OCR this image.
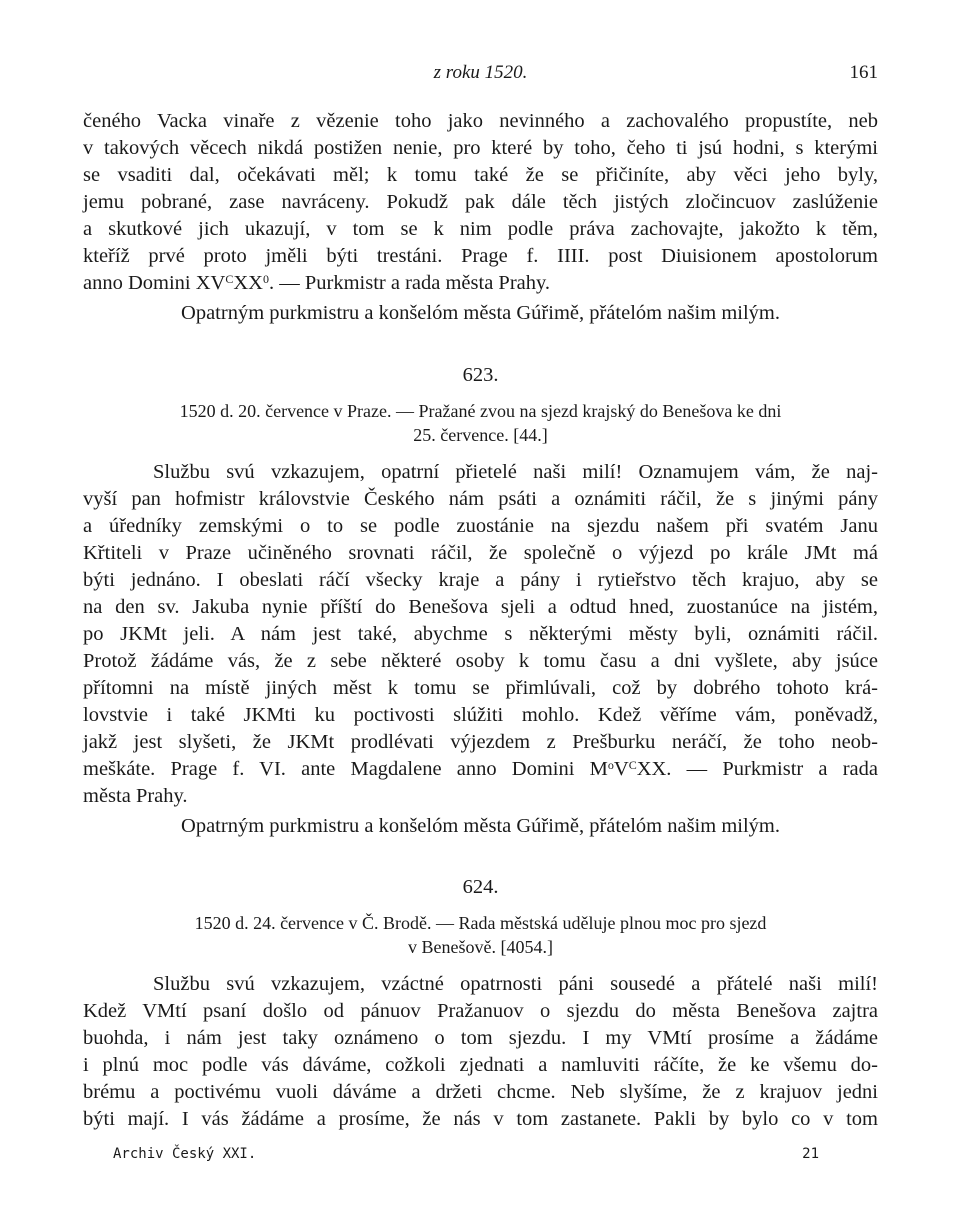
z roku 1520.	161

čeného Vacka vinaře z vězenie toho jako nevinného a zachovalého propustíte, neb
v takových věcech nikdá postižen nenie, pro které by toho, čeho ti jsú hodni, s kterými
se vsaditi dal, očekávati měl; k tomu také že se přičiníte, aby věci jeho byly,
jemu pobrané, zase navráceny. Pokudž pak dále těch jistých zločincuov zaslúženie
a skutkové jich ukazují, v tom se k nim podle práva zachovajte, jakožto k těm,
kteříž prvé proto jměli býti trestáni. Prage f. IIII. post Diuisionem apostolorum
anno Domini $XV^CXX^0$. — Purkmistr a rada města Prahy.

Opatrným purkmistru a konšelóm města Gúřimě, přátelóm našim milým.

623.

1520 d. 20. července v Praze. — Pražané zvou na sjezd krajský do Benešova ke dni

25. července. [44.]

Službu svú vzkazujem, opatrní přietelé naši milí! Oznamujem vám, že naj-
vyší pan hofmistr královstvie Českého nám psáti a oznámiti ráčil, že s jinými pány
a úředníky zemskými o to se podle zuostánie na sjezdu našem při svatém Janu
Křtiteli v Praze učiněného srovnati ráčil, že společně o výjezd po krále JMt má
býti jednáno. I obeslati ráčí všecky kraje a pány i rytieřstvo těch krajuo, aby se
na den sv. Jakuba nynie příští do Benešova sjeli a odtud hned, zuostanúce na jistém,
po JKMt jeli. A nám jest také, abychme s některými městy byli, oznámiti ráčil.
Protož žádáme vás, že z sebe některé osoby k tomu času a dni vyšlete, aby jsúce
přítomni na místě jiných měst k tomu se přimlúvali, což by dobrého tohoto krá-
lovstvie i také JKMti ku poctivosti slúžiti mohlo. Kdež věříme vám, poněvadž,
jakž jest slyšeti, že JKMt prodlévati výjezdem z Prešburku neráčí, že toho neob-
meškáte. Prage f. VI. ante Magdalene anno Domini $M^oV^CXX$. — Purkmistr a rada
města Prahy.

Opatrným purkmistru a konšelóm města Gúřimě, přátelóm našim milým.

624.

1520 d. 24. července v Č. Brodě. — Rada městská uděluje plnou moc pro sjezd

v Benešově. [4054.]

Službu svú vzkazujem, vzáctné opatrnosti páni sousedé a přátelé naši milí!
Kdež VMtí psaní došlo od pánuov Pražanuov o sjezdu do města Benešova zajtra
buohda, i nám jest taky oznámeno o tom sjezdu. I my VMtí prosíme a žádáme
i plnú moc podle vás dáváme, cožkoli zjednati a namluviti ráčíte, že ke všemu do-
brému a poctivému vuoli dáváme a držeti chcme. Neb slyšíme, že z krajuov jedni
býti mají. I vás žádáme a prosíme, že nás v tom zastanete. Pakli by bylo co v tom

Archiv Český XXI.	21
